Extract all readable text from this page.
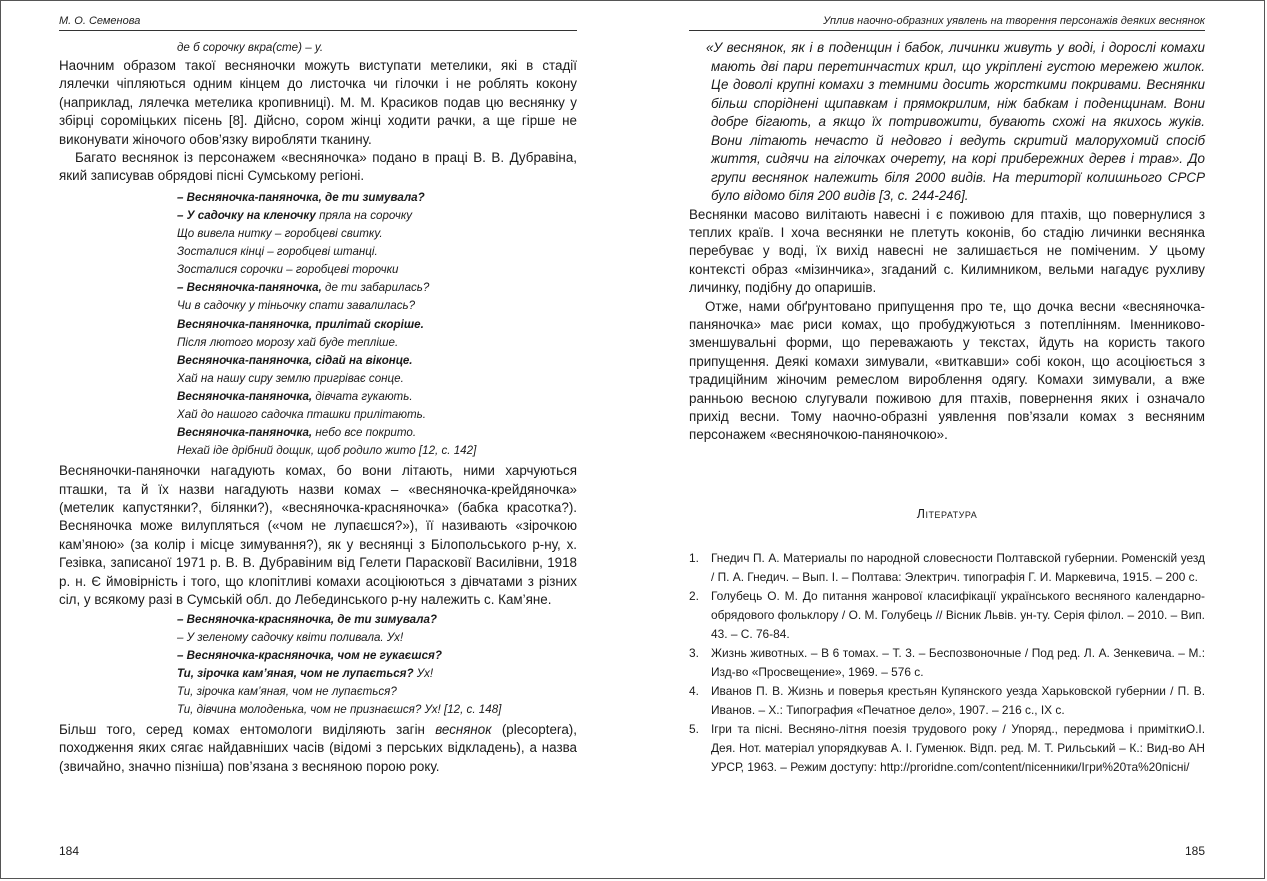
М. О. Семенова
де б сорочку вкра(сте) – у.

Наочним образом такої весняночки можуть виступати метелики, які в стадії лялечки чіпляються одним кінцем до листочка чи гілочки і не роблять кокону (наприклад, лялечка метелика кропивниці). М. М. Красиков подав цю веснянку у збірці сороміцьких пісень [8]. Дійсно, сором жінці ходити рачки, а ще гірше не виконувати жіночого обов’язку виробляти тканину.

Багато веснянок із персонажем «весняночка» подано в праці В. В. Дубравіна, який записував обрядові пісні Сумському регіоні.

– Весняночка-паняночка, де ти зимувала?
– У садочку на кленочку пряла на сорочку
Що вивела нитку – горобцеві свитку.
Зосталися кінці – горобцеві штанці.
Зосталися сорочки – горобцеві торочки
– Весняночка-паняночка, де ти забарилась?
Чи в садочку у тіньочку спати завалилась?
Весняночка-паняночка, прилітай скоріше.
Після лютого морозу хай буде тепліше.
Весняночка-паняночка, сідай на віконце.
Хай на нашу сиру землю пригріває сонце.
Весняночка-паняночка, дівчата гукають.
Хай до нашого садочка пташки прилітають.
Весняночка-паняночка, небо все покрито.
Нехай іде дрібний дощик, щоб родило жито [12, с. 142]

Весняночки-паняночки нагадують комах, бо вони літають, ними харчуються пташки, та й їх назви нагадують назви комах – «весняночка-крейдяночка» (метелик капустянки?, білянки?), «весняночка-красняночка» (бабка красотка?). Весняночка може вилупляться («чом не лупаєшся?»), її називають «зірочкою кам’яною» (за колір і місце зимування?), як у веснянці з Білопольського р-ну, х. Гезівка, записаної 1971 р. В. В. Дубравіним від Гелети Парасковії Василівни, 1918 р. н. Є ймовірність і того, що клопітливі комахи асоціюються з дівчатами з різних сіл, у всякому разі в Сумській обл. до Лебединського р-ну належить с. Кам’яне.

– Весняночка-красняночка, де ти зимувала?
– У зеленому садочку квіти поливала. Ух!
– Весняночка-красняночка, чом не гукаєшся?
Ти, зірочка кам’яная, чом не лупається? Ух!
Ти, зірочка кам’яная, чом не лупається?
Ти, дівчина молоденька, чом не признаєшся? Ух! [12, с. 148]

Більш того, серед комах ентомологи виділяють загін веснянок (plecoptera), походження яких сягає найдавніших часів (відомі з перських відкладень), а назва (звичайно, значно пізніша) пов’язана з весняною порою року.

184
Уплив наочно-образних уявлень на творення персонажів деяких веснянок

«У веснянок, як і в поденщин і бабок, личинки живуть у воді, і дорослі комахи мають дві пари перетинчастих крил, що укріплені густою мережею жилок. Це доволі крупні комахи з темними досить жорсткими покривами. Веснянки більш споріднені щипавкам і прямокрилим, ніж бабкам і поденщинам. Вони добре бігають, а якщо їх потривожити, бувають схожі на якихось жуків. Вони літають нечасто й недовго і ведуть скритий малорухомий спосіб життя, сидячи на гілочках очерету, на корі прибережних дерев і трав». До групи веснянок належить біля 2000 видів. На території колишнього СРСР було відомо біля 200 видів [3, с. 244-246].

Веснянки масово вилітають навесні і є поживою для птахів, що повернулися з теплих країв. І хоча веснянки не плетуть коконів, бо стадію личинки веснянка перебуває у воді, їх вихід навесні не залишається не поміченим. У цьому контексті образ «мізинчика», згаданий с. Килимником, вельми нагадує рухливу личинку, подібну до опаришів.

Отже, нами обґрунтовано припущення про те, що дочка весни «весняночка-паняночка» має риси комах, що пробуджуються з потеплінням. Іменниково-зменшувальні форми, що переважають у текстах, йдуть на користь такого припущення. Деякі комахи зимували, «виткавши» собі кокон, що асоціюється з традиційним жіночим ремеслом вироблення одягу. Комахи зимували, а вже ранньою весною слугували поживою для птахів, повернення яких і означало прихід весни. Тому наочно-образні уявлення пов’язали комах з весняним персонажем «весняночкою-паняночкою».

Література
1.	Гнедич П. А. Материалы по народной словесности Полтавской губернии. Роменскій уезд / П. А. Гнедич. – Вып. І. – Полтава: Электрич. типографія Г. И. Маркевича, 1915. – 200 с.
2.	Голубець О. М. До питання жанрової класифікації українського весняного календарно-обрядового фольклору / О. М. Голубець // Вісник Львів. ун-ту. Серія філол. – 2010. – Вип. 43. – С. 76-84.
3.	Жизнь животных. – В 6 томах. – Т. 3. – Беспозвоночные / Под ред. Л. А. Зенкевича. – М.: Изд-во «Просвещение», 1969. – 576 с.
4.	Иванов П. В. Жизнь и поверья крестьян Купянского уезда Харьковской губернии / П. В. Иванов. – Х.: Типография «Печатное дело», 1907. – 216 с., ІХ с.
5.	Ігри та пісні. Весняно-літня поезія трудового року / Упоряд., передмова і приміткиО.І. Дея. Нот. матеріал упорядкував А. І. Гуменюк. Відп. ред. М. Т. Рильський – К.: Вид-во АН УРСР, 1963. – Режим доступу: http://proridne.com/content/пісенники/Ігри%20та%20пісні/
185
